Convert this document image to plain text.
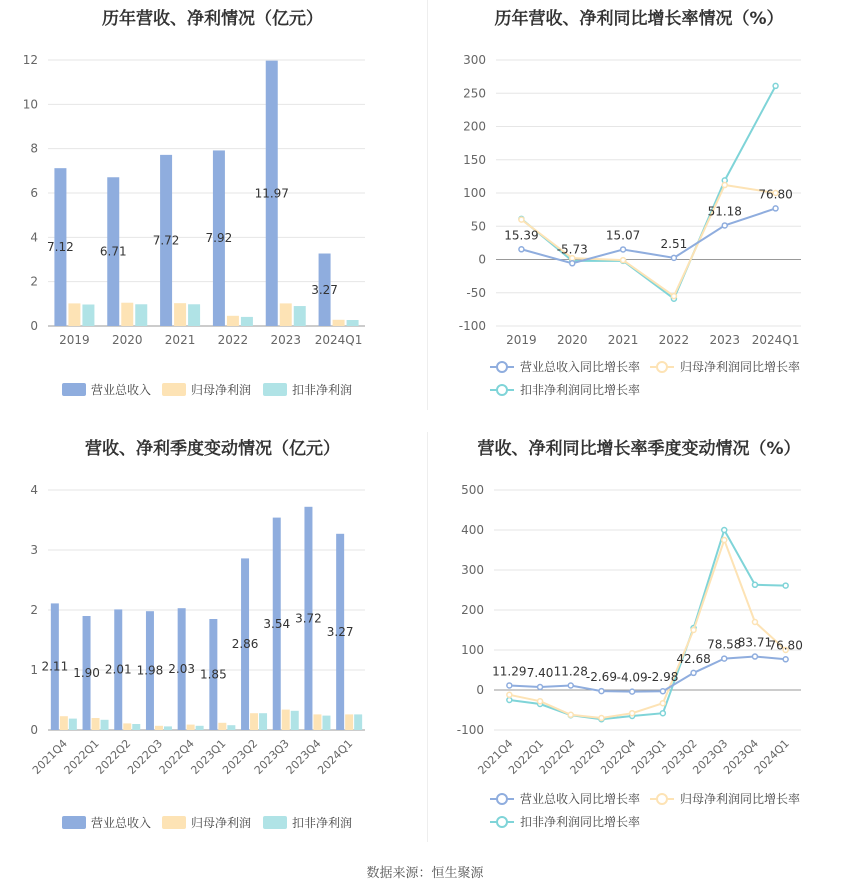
历年营收、净利情况（亿元）
0
2
4
6
8
10
12
7.12 6.71
7.72 7.92
11.97
3.27
2019 2020 2021 2022 2023 2024Q1
营业总收入	归母净利润	扣非净利润
历年营收、净利同比增长率情况（%）
-100
-50
0
50
100
150
200
250
300
15.39
-5.73
15.07
2.51
51.18
76.80
2019 2020 2021 2022 2023 2024Q1
营业总收入同比增长率	归母净利润同比增长率
扣非净利润同比增长率
营收、净利季度变动情况（亿元）
0
1
2
3
4
2.11 1.90 2.01 1.98 2.03 1.85
2.86
3.54 3.72
3.27
2021Q4
2022Q1
2022Q2
2022Q3
2022Q4
2023Q1
2023Q2
2023Q3
2023Q4
2024Q1
营业总收入	归母净利润	扣非净利润
营收、净利同比增长率季度变动情况（%）
-100
0
100
200
300
400
500
11.29 7.40 11.28
-2.69 -4.09 -2.98
42.68
78.58
83.71
76.80
2021Q4
2022Q1
2022Q2
2022Q3
2022Q4
2023Q1
2023Q2
2023Q3
2023Q4
2024Q1
营业总收入同比增长率	归母净利润同比增长率
扣非净利润同比增长率
数据来源：恒生聚源
